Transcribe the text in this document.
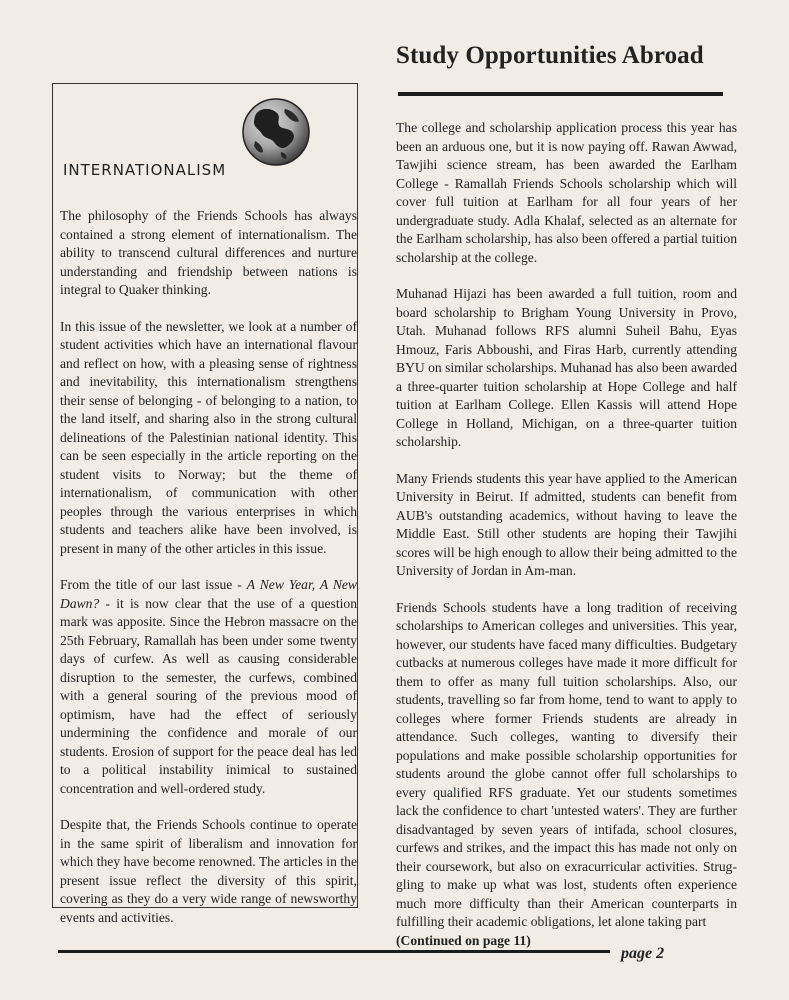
Study Opportunities Abroad
INTERNATIONALISM

The philosophy of the Friends Schools has always contained a strong element of internationalism. The ability to transcend cultural differences and nurture understanding and friendship between nations is integral to Quaker thinking.

In this issue of the newsletter, we look at a number of student activities which have an international flavour and reflect on how, with a pleasing sense of rightness and inevitability, this internationalism strengthens their sense of belonging - of belonging to a nation, to the land itself, and sharing also in the strong cultural delineations of the Palestinian national identity. This can be seen especially in the article reporting on the student visits to Norway; but the theme of internationalism, of communication with other peoples through the various enterprises in which students and teachers alike have been involved, is present in many of the other articles in this issue.

From the title of our last issue - A New Year, A New Dawn? - it is now clear that the use of a question mark was apposite. Since the Hebron massacre on the 25th February, Ramallah has been under some twenty days of curfew. As well as causing considerable disruption to the semester, the curfews, combined with a general souring of the previous mood of optimism, have had the effect of seriously undermining the confidence and morale of our students. Erosion of support for the peace deal has led to a political instability inimical to sustained concentration and well-ordered study.

Despite that, the Friends Schools continue to operate in the same spirit of liberalism and innovation for which they have become renowned. The articles in the present issue reflect the diversity of this spirit, covering as they do a very wide range of newsworthy events and activities.

The college and scholarship application process this year has been an arduous one, but it is now paying off. Rawan Awwad, Tawjihi science stream, has been awarded the Earlham College - Ramallah Friends Schools scholarship which will cover full tuition at Earlham for all four years of her undergraduate study. Adla Khalaf, selected as an alternate for the Earlham scholarship, has also been offered a partial tuition scholarship at the college.

Muhanad Hijazi has been awarded a full tuition, room and board scholarship to Brigham Young University in Provo, Utah. Muhanad follows RFS alumni Suheil Bahu, Eyas Hmouz, Faris Abboushi, and Firas Harb, currently attending BYU on similar scholarships. Muhanad has also been awarded a three-quarter tuition scholarship at Hope College and half tuition at Earlham College. Ellen Kassis will attend Hope College in Holland, Michigan, on a three-quarter tuition scholarship.

Many Friends students this year have applied to the American University in Beirut. If admitted, students can benefit from AUB's outstanding academics, without having to leave the Middle East. Still other students are hoping their Tawjihi scores will be high enough to allow their being admitted to the University of Jordan in Am-man.

Friends Schools students have a long tradition of receiving scholarships to American colleges and universities. This year, however, our students have faced many difficulties. Budgetary cutbacks at numerous colleges have made it more difficult for them to offer as many full tuition scholarships. Also, our students, travelling so far from home, tend to want to apply to colleges where former Friends students are already in attendance. Such colleges, wanting to diversify their populations and make possible scholarship opportunities for students around the globe cannot offer full scholarships to every qualified RFS graduate. Yet our students sometimes lack the confidence to chart 'untested waters'. They are further disadvantaged by seven years of intifada, school closures, curfews and strikes, and the impact this has made not only on their coursework, but also on exracurricular activities. Strug-gling to make up what was lost, students often experience much more difficulty than their American counterparts in fulfilling their academic obligations, let alone taking part
(Continued on page 11)

page 2
